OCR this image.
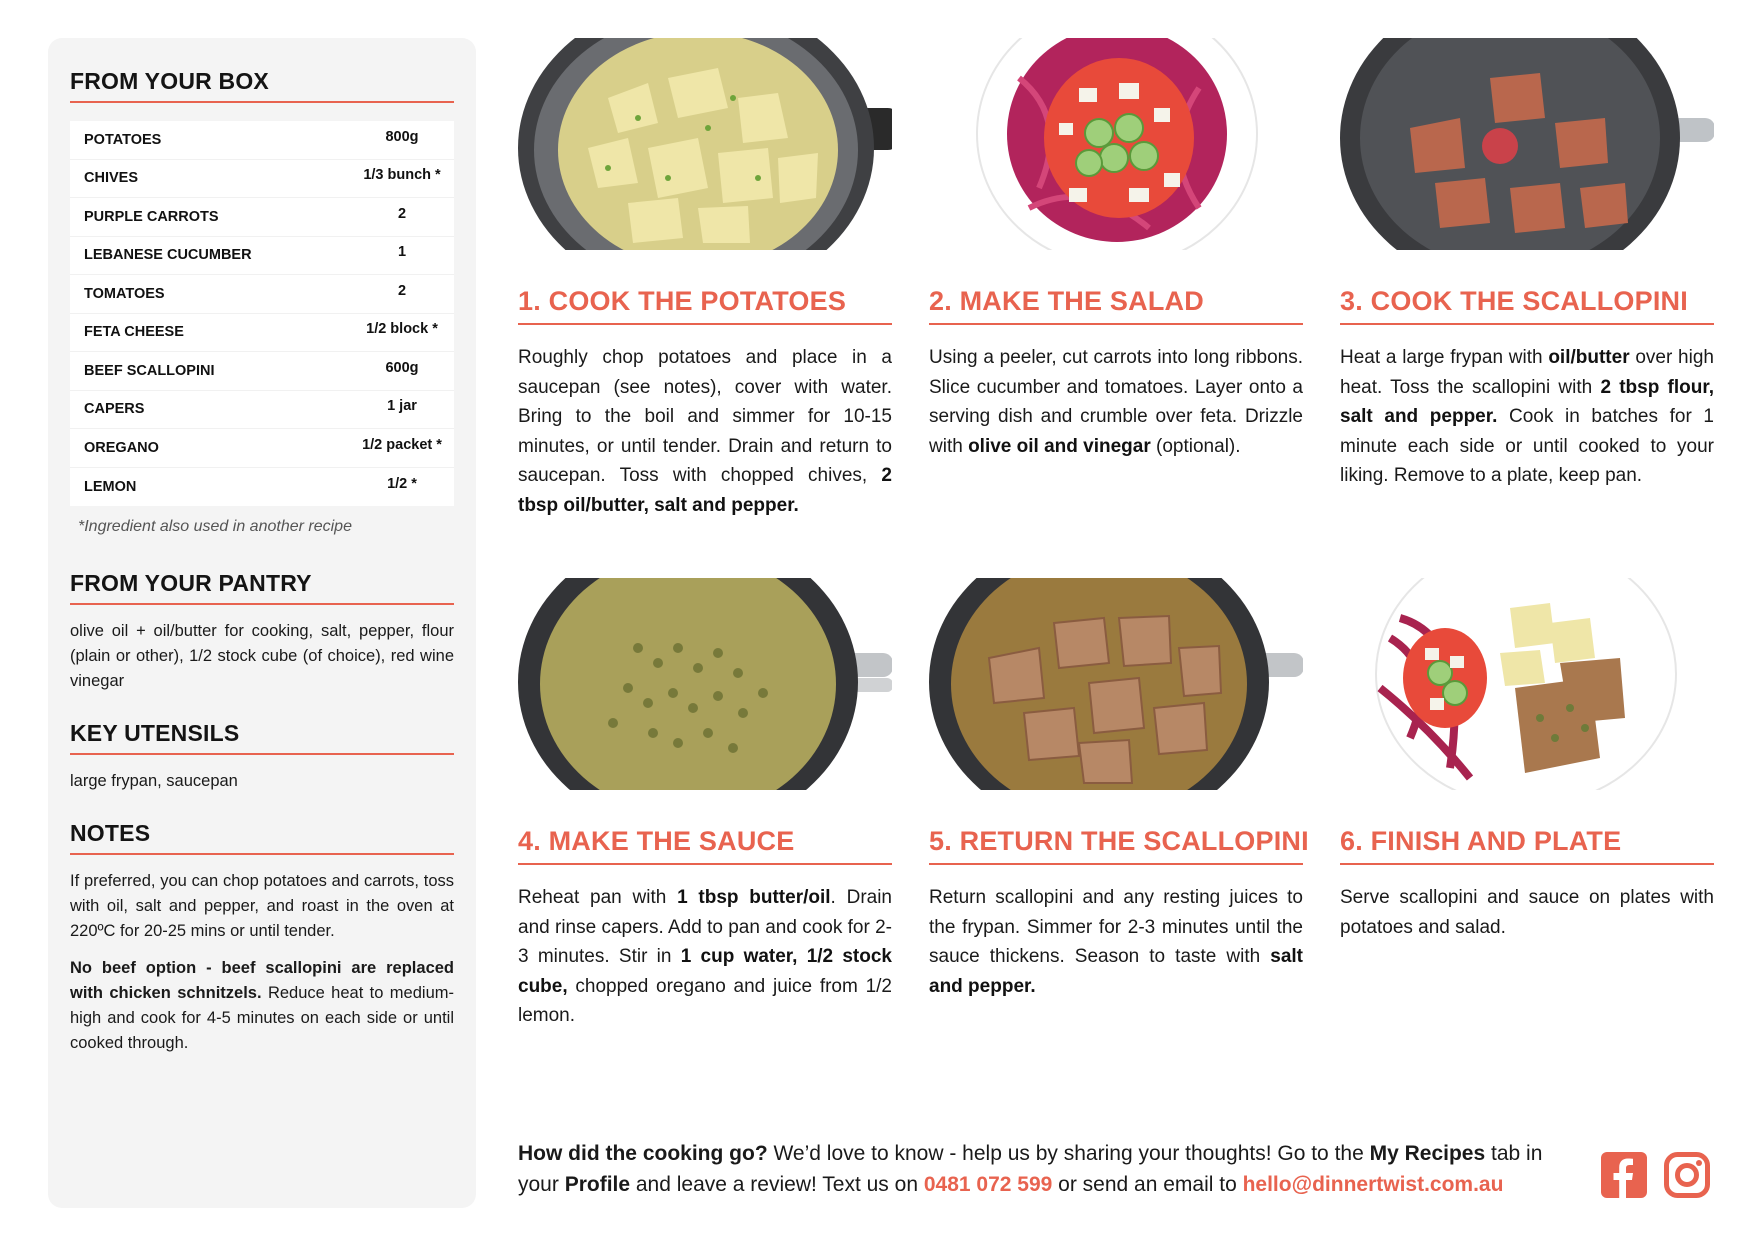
FROM YOUR BOX
POTATOES	800g
CHIVES	1/3 bunch *
PURPLE CARROTS	2
LEBANESE CUCUMBER	1
TOMATOES	2
FETA CHEESE	1/2 block *
BEEF SCALLOPINI	600g
CAPERS	1 jar
OREGANO	1/2 packet *
LEMON	1/2 *
*Ingredient also used in another recipe
FROM YOUR PANTRY
olive oil + oil/butter for cooking, salt, pepper, flour (plain or other), 1/2 stock cube (of choice), red wine vinegar
KEY UTENSILS
large frypan, saucepan
NOTES
If preferred, you can chop potatoes and carrots, toss with oil, salt and pepper, and roast in the oven at 220ºC for 20-25 mins or until tender.
No beef option - beef scallopini are replaced with chicken schnitzels. Reduce heat to medium-high and cook for 4-5 minutes on each side or until cooked through.
1. COOK THE POTATOES
Roughly chop potatoes and place in a saucepan (see notes), cover with water. Bring to the boil and simmer for 10-15 minutes, or until tender. Drain and return to saucepan. Toss with chopped chives, 2 tbsp oil/butter, salt and pepper.
2. MAKE THE SALAD
Using a peeler, cut carrots into long ribbons. Slice cucumber and tomatoes. Layer onto a serving dish and crumble over feta. Drizzle with olive oil and vinegar (optional).
3. COOK THE SCALLOPINI
Heat a large frypan with oil/butter over high heat. Toss the scallopini with 2 tbsp flour, salt and pepper. Cook in batches for 1 minute each side or until cooked to your liking. Remove to a plate, keep pan.
4. MAKE THE SAUCE
Reheat pan with 1 tbsp butter/oil. Drain and rinse capers. Add to pan and cook for 2-3 minutes. Stir in 1 cup water, 1/2 stock cube, chopped oregano and juice from 1/2 lemon.
5. RETURN THE SCALLOPINI
Return scallopini and any resting juices to the frypan. Simmer for 2-3 minutes until the sauce thickens. Season to taste with salt and pepper.
6. FINISH AND PLATE
Serve scallopini and sauce on plates with potatoes and salad.
How did the cooking go? We’d love to know - help us by sharing your thoughts! Go to the My Recipes tab in your Profile and leave a review! Text us on 0481 072 599 or send an email to hello@dinnertwist.com.au
